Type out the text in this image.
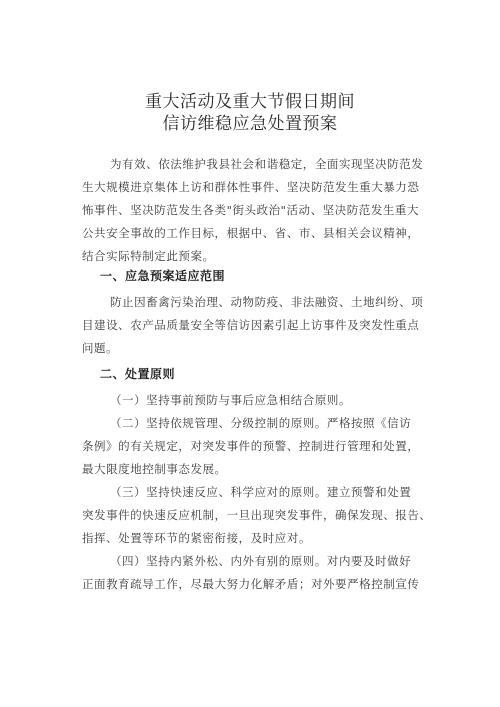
重大活动及重大节假日期间
信访维稳应急处置预案
为有效、依法维护我县社会和谐稳定，全面实现坚决防范发
生大规模进京集体上访和群体性事件、坚决防范发生重大暴力恐
怖事件、坚决防范发生各类"街头政治"活动、坚决防范发生重大
公共安全事故的工作目标，根据中、省、市、县相关会议精神，
结合实际特制定此预案。
一、应急预案适应范围
防止因畜禽污染治理、动物防疫、非法融资、土地纠纷、项
目建设、农产品质量安全等信访因素引起上访事件及突发性重点
问题。
二、处置原则
（一）坚持事前预防与事后应急相结合原则。
（二）坚持依规管理、分级控制的原则。严格按照《信访
条例》的有关规定，对突发事件的预警、控制进行管理和处置，
最大限度地控制事态发展。
（三）坚持快速反应、科学应对的原则。建立预警和处置
突发事件的快速反应机制，一旦出现突发事件，确保发现、报告、
指挥、处置等环节的紧密衔接，及时应对。
（四）坚持内紧外松、内外有别的原则。对内要及时做好
正面教育疏导工作，尽最大努力化解矛盾；对外要严格控制宣传
